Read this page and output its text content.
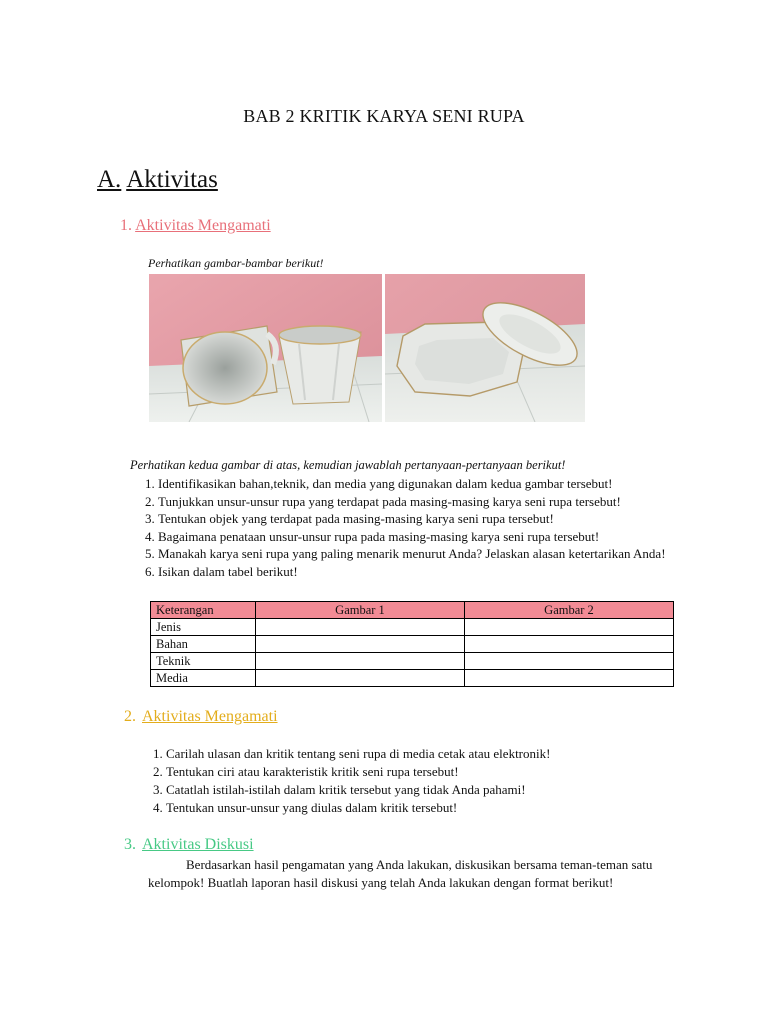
BAB 2 KRITIK KARYA SENI RUPA
A. Aktivitas
1. Aktivitas Mengamati
Perhatikan gambar-bambar berikut!
Perhatikan kedua gambar di atas, kemudian jawablah pertanyaan-pertanyaan berikut!
1. Identifikasikan bahan,teknik, dan media yang digunakan dalam kedua gambar tersebut!
2. Tunjukkan unsur-unsur rupa yang terdapat pada masing-masing karya seni rupa tersebut!
3. Tentukan objek yang terdapat pada masing-masing karya seni rupa tersebut!
4. Bagaimana penataan unsur-unsur rupa pada masing-masing karya seni rupa tersebut!
5. Manakah karya seni rupa yang paling menarik menurut Anda? Jelaskan alasan ketertarikan Anda!
6. Isikan dalam tabel berikut!
Keterangan	Gambar 1	Gambar 2
Jenis		
Bahan		
Teknik		
Media		
2. Aktivitas Mengamati
1. Carilah ulasan dan kritik tentang seni rupa di media cetak atau elektronik!
2. Tentukan ciri atau karakteristik kritik seni rupa tersebut!
3. Catatlah istilah-istilah dalam kritik tersebut yang tidak Anda pahami!
4. Tentukan unsur-unsur yang diulas dalam kritik tersebut!
3. Aktivitas Diskusi

Berdasarkan hasil pengamatan yang Anda lakukan, diskusikan bersama teman-teman satu kelompok! Buatlah laporan hasil diskusi yang telah Anda lakukan dengan format berikut!
